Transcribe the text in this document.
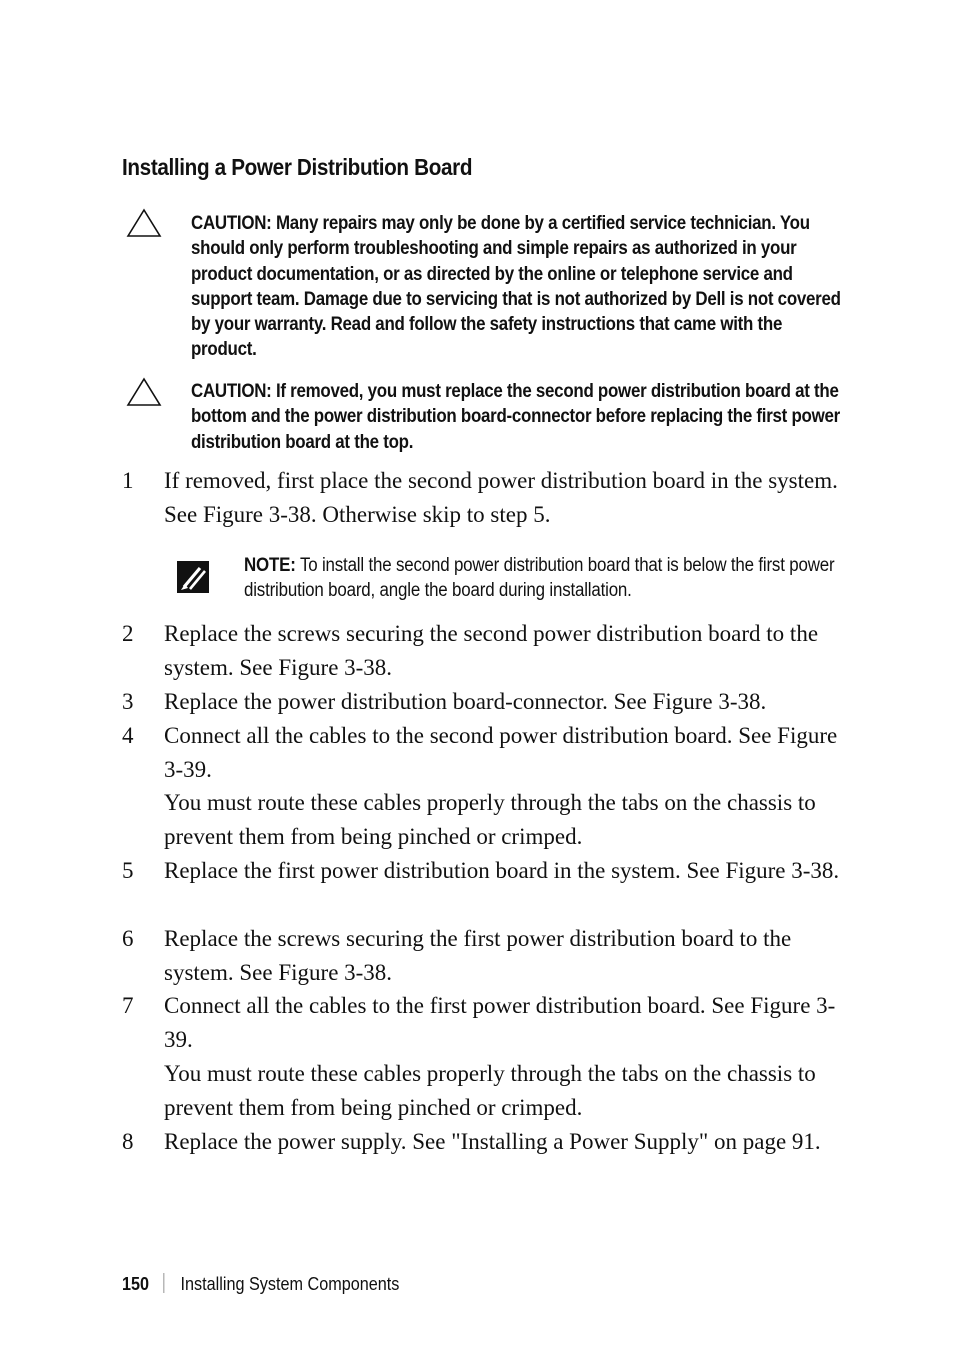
Installing a Power Distribution Board
CAUTION: Many repairs may only be done by a certified service technician. You should only perform troubleshooting and simple repairs as authorized in your product documentation, or as directed by the online or telephone service and support team. Damage due to servicing that is not authorized by Dell is not covered by your warranty. Read and follow the safety instructions that came with the product.
CAUTION: If removed, you must replace the second power distribution board at the bottom and the power distribution board-connector before replacing the first power distribution board at the top.
1 If removed, first place the second power distribution board in the system. See Figure 3-38. Otherwise skip to step 5.
NOTE: To install the second power distribution board that is below the first power distribution board, angle the board during installation.
2 Replace the screws securing the second power distribution board to the system. See Figure 3-38.
3 Replace the power distribution board-connector. See Figure 3-38.
4 Connect all the cables to the second power distribution board. See Figure 3-39.
You must route these cables properly through the tabs on the chassis to prevent them from being pinched or crimped.
5 Replace the first power distribution board in the system. See Figure 3-38.
6 Replace the screws securing the first power distribution board to the system. See Figure 3-38.
7 Connect all the cables to the first power distribution board. See Figure 3-39.
You must route these cables properly through the tabs on the chassis to prevent them from being pinched or crimped.
8 Replace the power supply. See "Installing a Power Supply" on page 91.
150 Installing System Components
